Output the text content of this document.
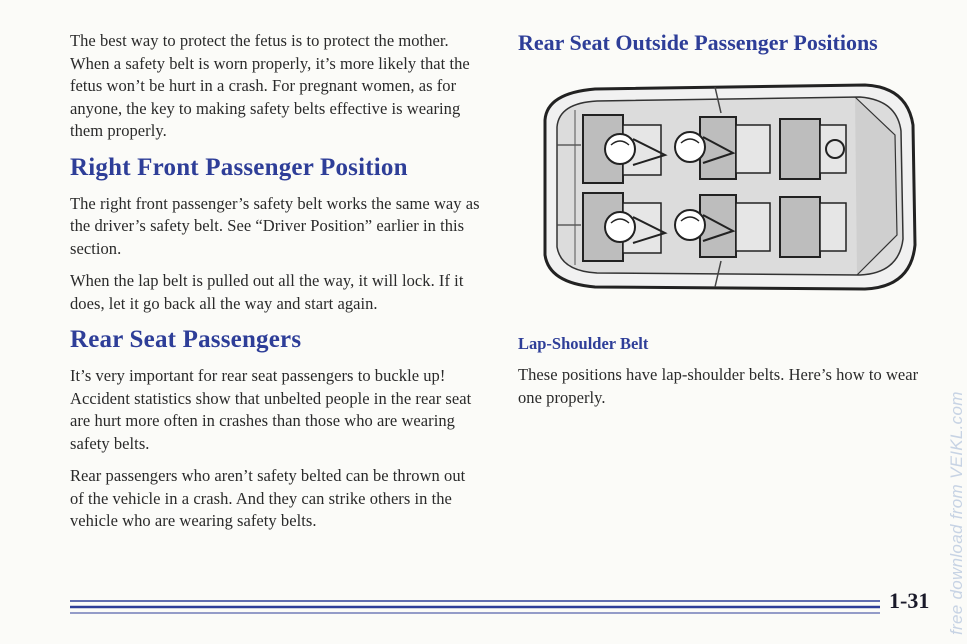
The best way to protect the fetus is to protect the mother. When a safety belt is worn properly, it’s more likely that the fetus won’t be hurt in a crash. For pregnant women, as for anyone, the key to making safety belts effective is wearing them properly.

Right Front Passenger Position

The right front passenger’s safety belt works the same way as the driver’s safety belt. See “Driver Position” earlier in this section.

When the lap belt is pulled out all the way, it will lock. If it does, let it go back all the way and start again.

Rear Seat Passengers

It’s very important for rear seat passengers to buckle up! Accident statistics show that unbelted people in the rear seat are hurt more often in crashes than those who are wearing safety belts.

Rear passengers who aren’t safety belted can be thrown out of the vehicle in a crash. And they can strike others in the vehicle who are wearing safety belts.

Rear Seat Outside Passenger Positions
Lap-Shoulder Belt

These positions have lap-shoulder belts. Here’s how to wear one properly.

1-31 free download from VEIKL.com
